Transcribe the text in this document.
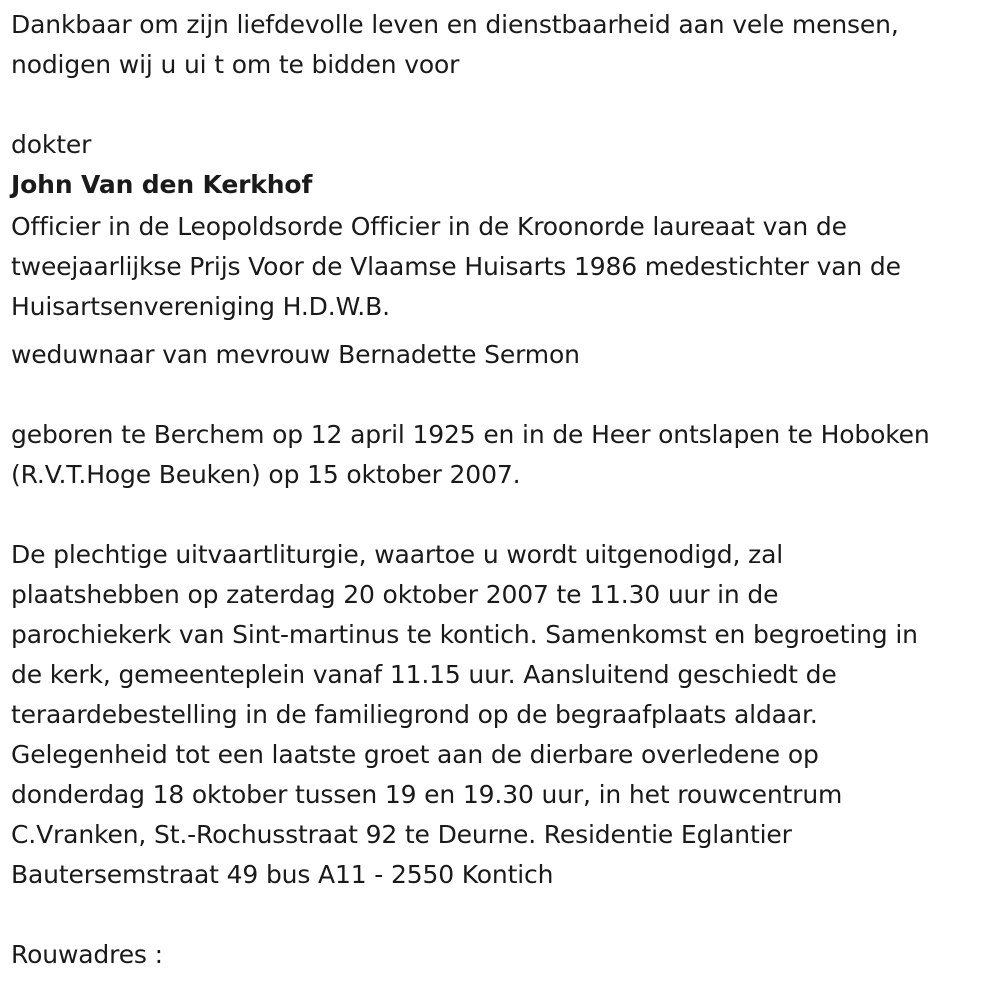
Dankbaar om zijn liefdevolle leven en dienstbaarheid aan vele mensen,
nodigen wij u ui t om te bidden voor
dokter
John Van den Kerkhof
Officier in de Leopoldsorde Officier in de Kroonorde laureaat van de
tweejaarlijkse Prijs Voor de Vlaamse Huisarts 1986 medestichter van de
Huisartsenvereniging H.D.W.B.
weduwnaar van mevrouw Bernadette Sermon
geboren te Berchem op 12 april 1925 en in de Heer ontslapen te Hoboken
(R.V.T.Hoge Beuken) op 15 oktober 2007.
De plechtige uitvaartliturgie, waartoe u wordt uitgenodigd, zal
plaatshebben op zaterdag 20 oktober 2007 te 11.30 uur in de
parochiekerk van Sint-martinus te kontich. Samenkomst en begroeting in
de kerk, gemeenteplein vanaf 11.15 uur. Aansluitend geschiedt de
teraardebestelling in de familiegrond op de begraafplaats aldaar.
Gelegenheid tot een laatste groet aan de dierbare overledene op
donderdag 18 oktober tussen 19 en 19.30 uur, in het rouwcentrum
C.Vranken, St.-Rochusstraat 92 te Deurne. Residentie Eglantier
Bautersemstraat 49 bus A11 - 2550 Kontich
Rouwadres :
